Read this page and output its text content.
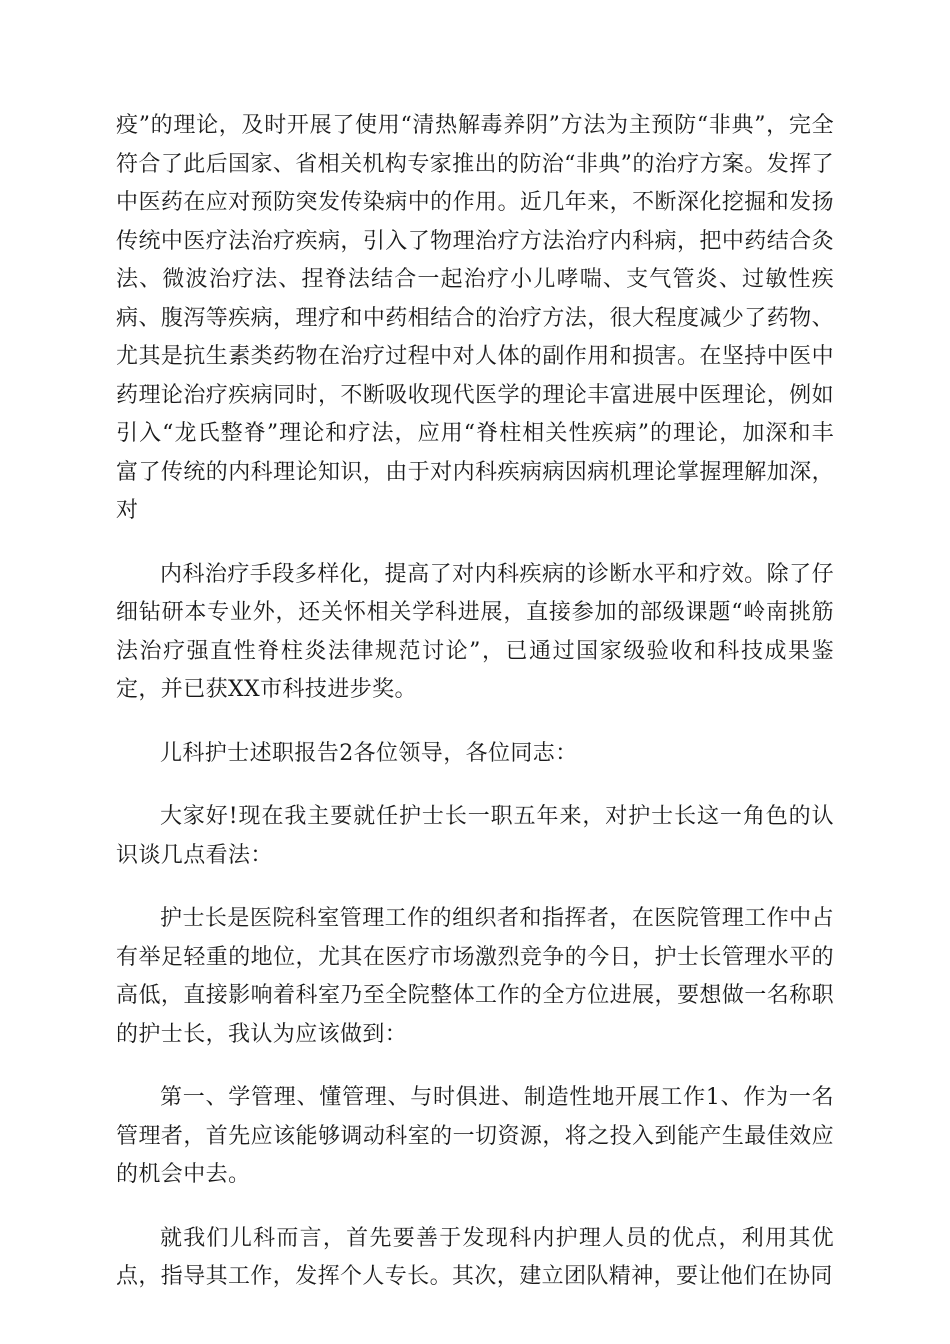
疫”的理论，及时开展了使用“清热解毒养阴”方法为主预防“非典”，完全符合了此后国家、省相关机构专家推出的防治“非典”的治疗方案。发挥了中医药在应对预防突发传染病中的作用。近几年来，不断深化挖掘和发扬传统中医疗法治疗疾病，引入了物理治疗方法治疗内科病，把中药结合灸法、微波治疗法、捏脊法结合一起治疗小儿哮喘、支气管炎、过敏性疾病、腹泻等疾病，理疗和中药相结合的治疗方法，很大程度减少了药物、尤其是抗生素类药物在治疗过程中对人体的副作用和损害。在坚持中医中药理论治疗疾病同时，不断吸收现代医学的理论丰富进展中医理论，例如引入“龙氏整脊”理论和疗法，应用“脊柱相关性疾病”的理论，加深和丰富了传统的内科理论知识，由于对内科疾病病因病机理论掌握理解加深，对

内科治疗手段多样化，提高了对内科疾病的诊断水平和疗效。除了仔细钻研本专业外，还关怀相关学科进展，直接参加的部级课题“岭南挑筋法治疗强直性脊柱炎法律规范讨论”，已通过国家级验收和科技成果鉴定，并已获XX市科技进步奖。

儿科护士述职报告2各位领导，各位同志：

大家好!现在我主要就任护士长一职五年来，对护士长这一角色的认识谈几点看法：

护士长是医院科室管理工作的组织者和指挥者，在医院管理工作中占有举足轻重的地位，尤其在医疗市场激烈竞争的今日，护士长管理水平的高低，直接影响着科室乃至全院整体工作的全方位进展，要想做一名称职的护士长，我认为应该做到：

第一、学管理、懂管理、与时俱进、制造性地开展工作1、作为一名管理者，首先应该能够调动科室的一切资源，将之投入到能产生最佳效应的机会中去。

就我们儿科而言，首先要善于发现科内护理人员的优点，利用其优点，指导其工作，发挥个人专长。其次，建立团队精神，要让他们在协同
